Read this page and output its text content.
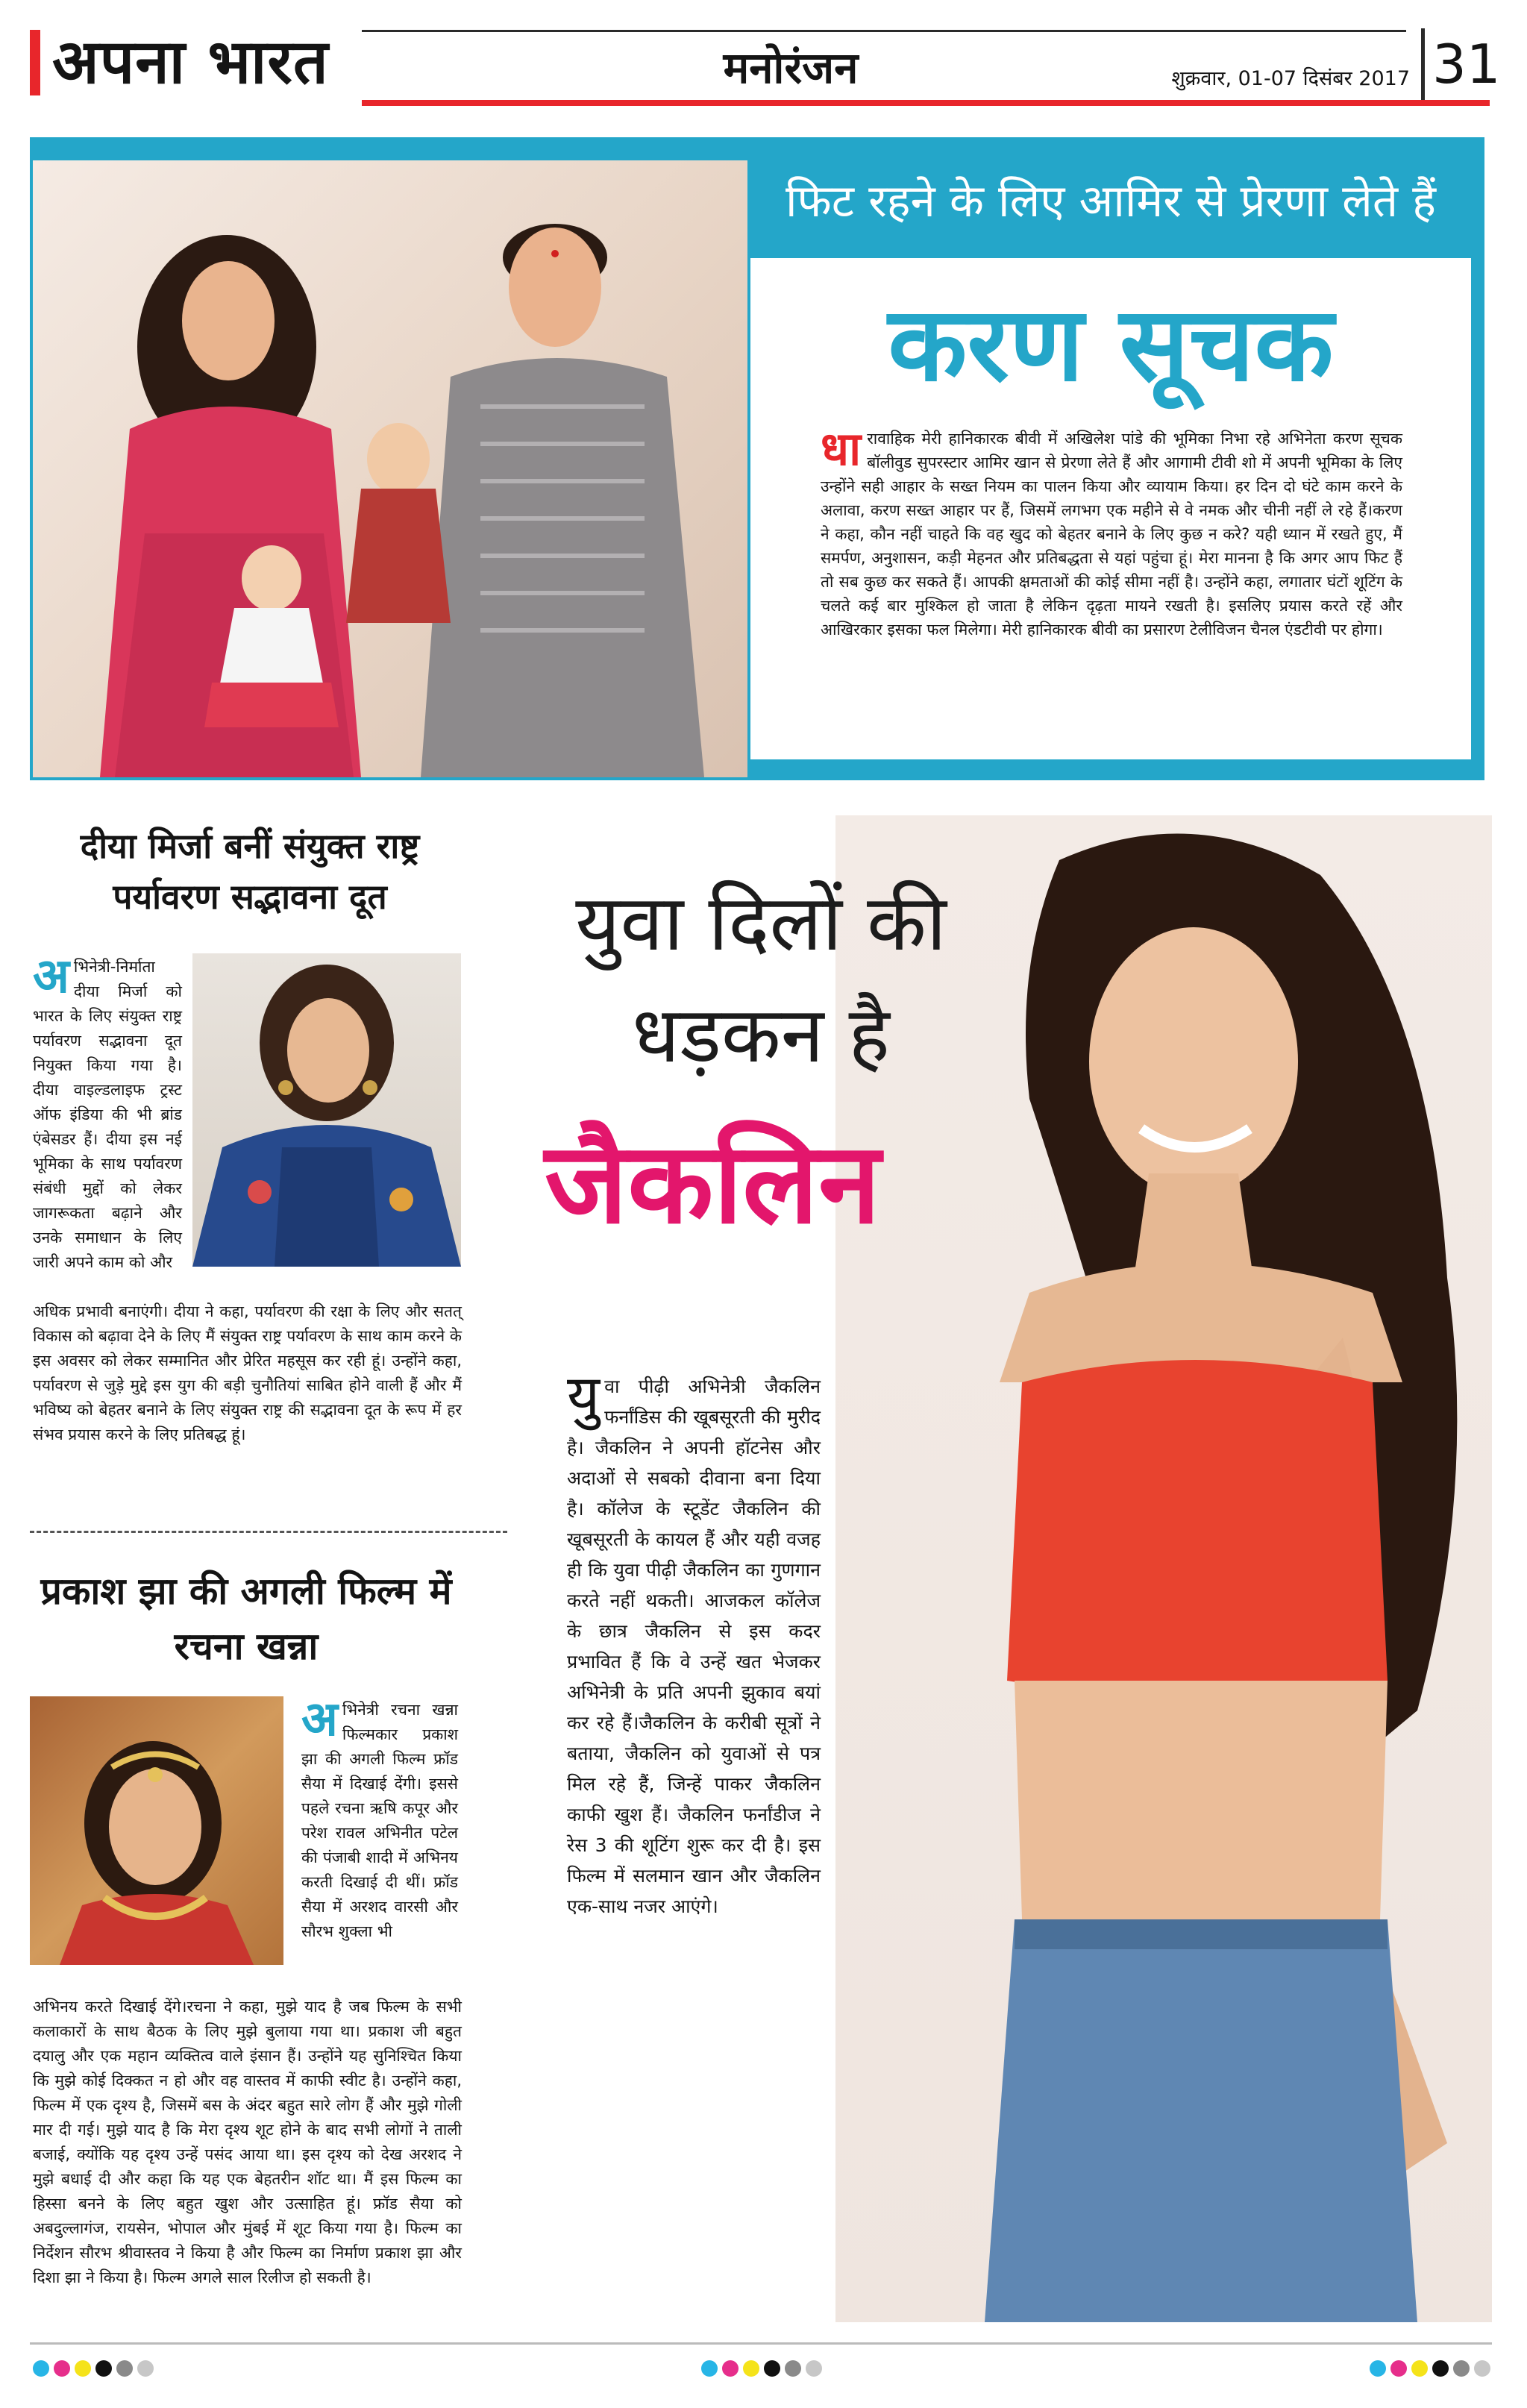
अपना भारत	मनोरंजन	शुक्रवार, 01-07 दिसंबर 2017 31
फिट रहने के लिए आमिर से प्रेरणा लेते हैं
करण सूचक
धा रावाहिक मेरी हानिकारक बीवी में अखिलेश पांडे की भूमिका निभा रहे अभिनेता करण सूचक बॉलीवुड सुपरस्टार आमिर खान से प्रेरणा लेते हैं और आगामी टीवी शो में अपनी भूमिका के लिए उन्होंने सही आहार के सख्त नियम का पालन किया और व्यायाम किया। हर दिन दो घंटे काम करने के अलावा, करण सख्त आहार पर हैं, जिसमें लगभग एक महीने से वे नमक और चीनी नहीं ले रहे हैं।करण ने कहा, कौन नहीं चाहते कि वह खुद को बेहतर बनाने के लिए कुछ न करे? यही ध्यान में रखते हुए, मैं समर्पण, अनुशासन, कड़ी मेहनत और प्रतिबद्धता से यहां पहुंचा हूं। मेरा मानना है कि अगर आप फिट हैं तो सब कुछ कर सकते हैं। आपकी क्षमताओं की कोई सीमा नहीं है। उन्होंने कहा, लगातार घंटों शूटिंग के चलते कई बार मुश्किल हो जाता है लेकिन दृढ़ता मायने रखती है। इसलिए प्रयास करते रहें और आखिरकार इसका फल मिलेगा। मेरी हानिकारक बीवी का प्रसारण टेलीविजन चैनल एंडटीवी पर होगा।
दीया मिर्जा बनीं संयुक्त राष्ट्र पर्यावरण सद्भावना दूत
अ भिनेत्री-निर्माता दीया मिर्जा को भारत के लिए संयुक्त राष्ट्र पर्यावरण सद्भावना दूत नियुक्त किया गया है। दीया वाइल्डलाइफ ट्रस्ट ऑफ इंडिया की भी ब्रांड एंबेसडर हैं। दीया इस नई भूमिका के साथ पर्यावरण संबंधी मुद्दों को लेकर जागरूकता बढ़ाने और उनके समाधान के लिए जारी अपने काम को और
अधिक प्रभावी बनाएंगी। दीया ने कहा, पर्यावरण की रक्षा के लिए और सतत् विकास को बढ़ावा देने के लिए मैं संयुक्त राष्ट्र पर्यावरण के साथ काम करने के इस अवसर को लेकर सम्मानित और प्रेरित महसूस कर रही हूं। उन्होंने कहा, पर्यावरण से जुड़े मुद्दे इस युग की बड़ी चुनौतियां साबित होने वाली हैं और मैं भविष्य को बेहतर बनाने के लिए संयुक्त राष्ट्र की सद्भावना दूत के रूप में हर संभव प्रयास करने के लिए प्रतिबद्ध हूं।
प्रकाश झा की अगली फिल्म में रचना खन्ना
अ भिनेत्री रचना खन्ना फिल्मकार प्रकाश झा की अगली फिल्म फ्रॉड सैया में दिखाई देंगी। इससे पहले रचना ऋषि कपूर और परेश रावल अभिनीत पटेल की पंजाबी शादी में अभिनय करती दिखाई दी थीं। फ्रॉड सैया में अरशद वारसी और सौरभ शुक्ला भी
अभिनय करते दिखाई देंगे।रचना ने कहा, मुझे याद है जब फिल्म के सभी कलाकारों के साथ बैठक के लिए मुझे बुलाया गया था। प्रकाश जी बहुत दयालु और एक महान व्यक्तित्व वाले इंसान हैं। उन्होंने यह सुनिश्चित किया कि मुझे कोई दिक्कत न हो और वह वास्तव में काफी स्वीट है। उन्होंने कहा, फिल्म में एक दृश्य है, जिसमें बस के अंदर बहुत सारे लोग हैं और मुझे गोली मार दी गई। मुझे याद है कि मेरा दृश्य शूट होने के बाद सभी लोगों ने ताली बजाई, क्योंकि यह दृश्य उन्हें पसंद आया था। इस दृश्य को देख अरशद ने मुझे बधाई दी और कहा कि यह एक बेहतरीन शॉट था। मैं इस फिल्म का हिस्सा बनने के लिए बहुत खुश और उत्साहित हूं। फ्रॉड सैया को अबदुल्लागंज, रायसेन, भोपाल और मुंबई में शूट किया गया है। फिल्म का निर्देशन सौरभ श्रीवास्तव ने किया है और फिल्म का निर्माण प्रकाश झा और दिशा झा ने किया है। फिल्म अगले साल रिलीज हो सकती है।
युवा दिलों की
धड़कन है
जैकलिन
यु वा पीढ़ी अभिनेत्री जैकलिन फर्नांडिस की खूबसूरती की मुरीद है। जैकलिन ने अपनी हॉटनेस और अदाओं से सबको दीवाना बना दिया है। कॉलेज के स्टूडेंट जैकलिन की खूबसूरती के कायल हैं और यही वजह ही कि युवा पीढ़ी जैकलिन का गुणगान करते नहीं थकती। आजकल कॉलेज के छात्र जैकलिन से इस कदर प्रभावित हैं कि वे उन्हें खत भेजकर अभिनेत्री के प्रति अपनी झुकाव बयां कर रहे हैं।जैकलिन के करीबी सूत्रों ने बताया, जैकलिन को युवाओं से पत्र मिल रहे हैं, जिन्हें पाकर जैकलिन काफी खुश हैं। जैकलिन फर्नांडीज ने रेस 3 की शूटिंग शुरू कर दी है। इस फिल्म में सलमान खान और जैकलिन एक-साथ नजर आएंगे।
